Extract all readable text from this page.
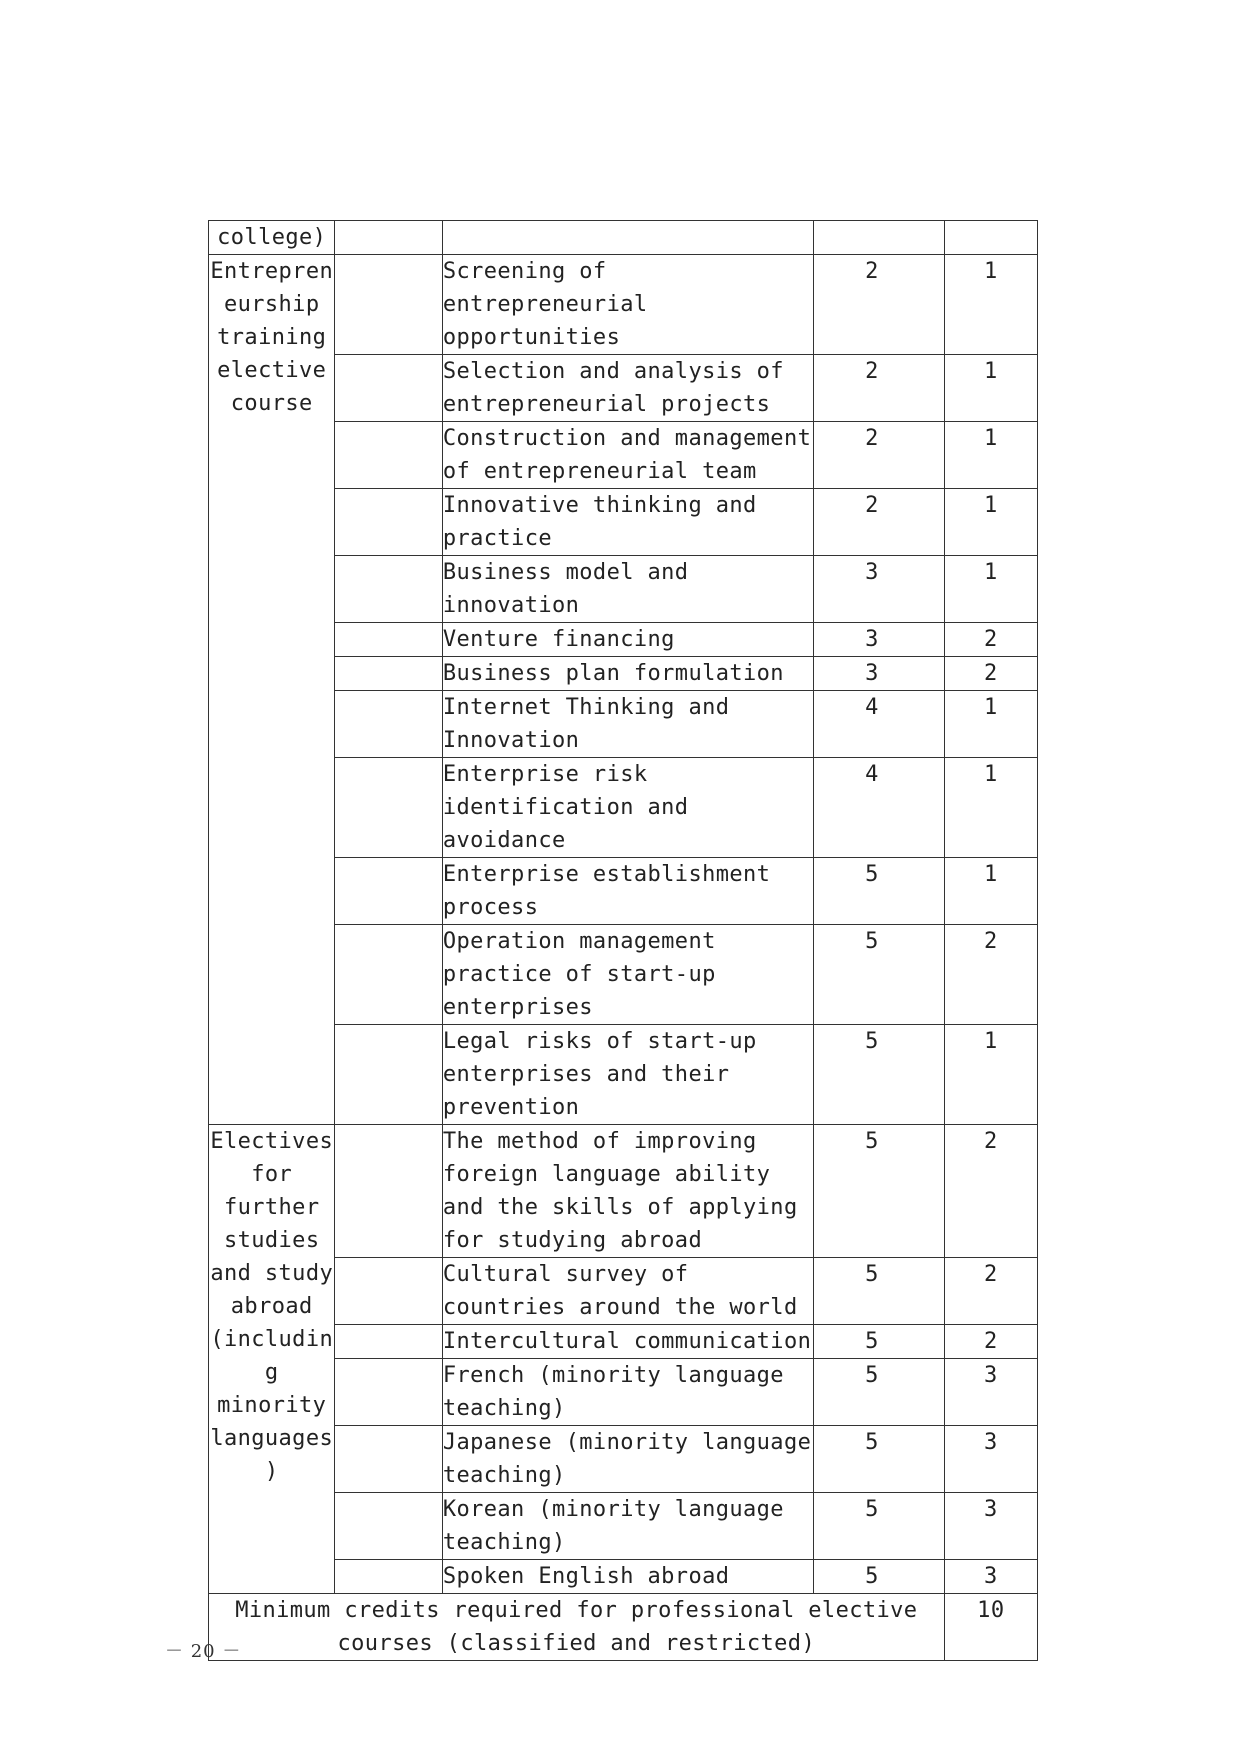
college)				
Entrepreneurship training elective course		Screening of entrepreneurial opportunities	2	1
		Selection and analysis of entrepreneurial projects	2	1
		Construction and management of entrepreneurial team	2	1
		Innovative thinking and practice	2	1
		Business model and innovation	3	1
		Venture financing	3	2
		Business plan formulation	3	2
		Internet Thinking and Innovation	4	1
		Enterprise risk identification and avoidance	4	1
		Enterprise establishment process	5	1
		Operation management practice of start-up enterprises	5	2
		Legal risks of start-up enterprises and their prevention	5	1
Electives for further studies and study abroad (including minority languages)		The method of improving foreign language ability and the skills of applying for studying abroad	5	2
		Cultural survey of countries around the world	5	2
		Intercultural communication	5	2
		French (minority language teaching)	5	3
		Japanese (minority language teaching)	5	3
		Korean (minority language teaching)	5	3
		Spoken English abroad	5	3
Minimum credits required for professional elective courses (classified and restricted)				10
－ 20 －
